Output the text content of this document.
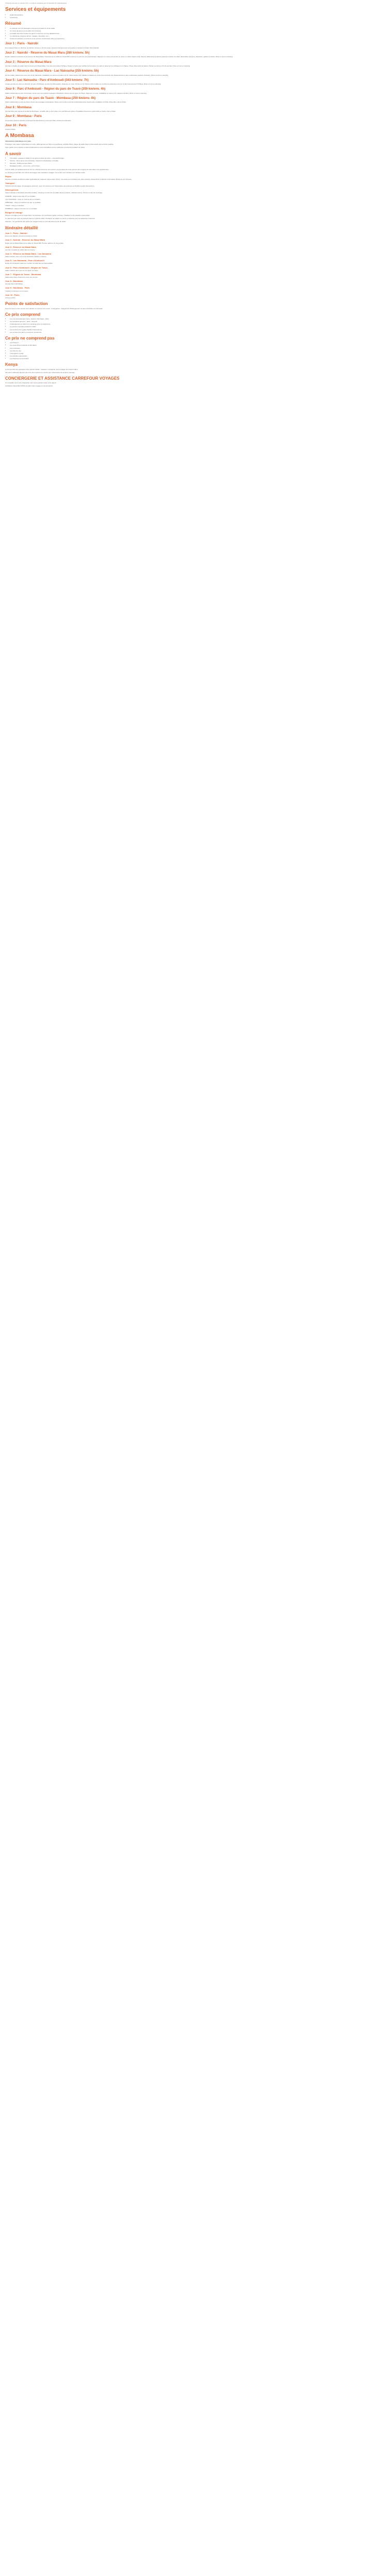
Circuit de 13 jours en camion 4x4 + 3 nuits en camping pour l'ensemble 21 nuits/camping.
Services et équipements
• Guide francophone
• Cuisinier(e)
Résumé
• Le véhicule 4x4 (13 passagers maximum) pendant le circuit safari.
• Un camp de tente lors du safari (2 à 3 tentes).
• La totalité des frais d'entrée de parcs et réserves pour les déplacements.
• Le matériel de camping (tentes, matelas, ustensiles, etc.).
• Toutes les activités / excursions et les entrées mentionnées dans le programme.
Jour 1 : Paris - Nairobi

Envol depuis Paris en direction de Nairobi. Arrivée en fin de soirée, accueil à l'aéroport par votre guide et transfert à l'hôtel. Nuit à Nairobi.

Jour 2 : Nairobi - Réserve du Masai Mara (280 km/env. 5h)

Départ matinal en direction de la réserve du Masai Mara. Traversée de la vallée du Grand Rift et arrêt à un point de vue panoramique. Déjeuner en route puis arrivée au camp en milieu d'après-midi. Premier safari dans la réserve jusqu'au coucher du soleil, observation des lions, éléphants, girafes et zèbres. Dîner et nuit en camping.

Jour 3 : Réserve du Masai Mara

Journée complète de safari dans la réserve du Masai Mara, l'une des plus belles d'Afrique. Départ à l'aube pour profiter de la lumière du matin et observer les prédateurs en chasse. Pique-nique dans la savane. Retour au camp en fin de journée. Dîner et nuit en camping.

Jour 4 : Réserve du Masai Mara - Lac Naivasha (255 km/env. 5h)

Dernier safari matinal puis route vers le lac Naivasha. Installation au camp en bordure du lac. Dans l'après-midi, balade en bateau sur le lac à la rencontre des hippopotames et des nombreuses espèces d'oiseaux. Dîner et nuit en camping.

Jour 5 : Lac Naivasha - Parc d'Amboseli (343 km/env. 7h)

Longue journée de route en direction du parc d'Amboseli, au pied du Kilimandjaro. Déjeuner en route. Arrivée en fin d'après-midi et safari au coucher du soleil avec vue sur le plus haut sommet d'Afrique. Dîner et nuit en camping.

Jour 6 : Parc d'Amboseli - Région du parc de Tsavo (200 km/env. 4h)

Safari matinal dans le parc d'Amboseli, réputé pour ses grands troupeaux d'éléphants. Route vers la région de Tsavo, déjeuner en route. Installation au camp et fin d'après-midi libre. Dîner et nuit en camping.

Jour 7 : Région du parc de Tsavo - Mombasa (250 km/env. 4h)

Safari matinal dans le parc de Tsavo Ouest, aux paysages volcaniques. Route vers la côte et arrivée à Mombasa dans l'après-midi. Installation à l'hôtel. Dîner libre. Nuit à l'hôtel.

Jour 8 : Mombasa

Journée libre pour découvrir la ville de Mombasa : la vieille ville, le Fort Jesus, les marchés aux épices. Possibilité d'excursion optionnelle en boutre. Nuit à l'hôtel.

Jour 9 : Mombasa - Paris

Temps libre jusqu'au transfert à l'aéroport de Mombasa et envol vers Paris. Arrivée le lendemain.

Jour 10 : Paris

Arrivée à Paris.

A Mombasa

Informations à Mombasa et à Lamu

Prolongez votre séjour à Mombasa ou Lamu. Hébergement en hôtel ou guesthouse, activités libres, plages de sable blanc et découverte de la culture swahilie.

Votre guide vous remettra un carnet d'adresses et vous conseillera sur les meilleures excursions à réaliser sur place.

A savoir
• Formalités : passeport valide 6 mois après la date de retour + visa électronique.
• Vaccins : fièvre jaune recommandée, traitement antipaludéen conseillé.
• Monnaie : shilling kényan (KES).
• Décalage horaire : +1h en été, +2h en hiver.

Lors du safari, les déplacements se font en véhicule 4x4 avec toit ouvrant. Les journées de route peuvent être longues sur des pistes non goudronnées.

Le camping se fait dans des camps aménagés avec sanitaires partagés. Les tentes sont montées par l'équipe locale.

Repas

Pension complète pendant le safari (petit-déjeuner, déjeuner pique-nique, dîner). Les repas sont préparés par notre cuisinier. Repas libres à Nairobi et Mombasa. Boissons non incluses.

Transport

Véhicule 4x4 aménagé, 13 passagers maximum, avec toit ouvrant pour l'observation des animaux et chauffeur-guide francophone.

Hébergement

Hôtel à Nairobi et Mombasa (chambre double), camping en tente lors du safari (tentes 2 places, matelas fournis). Prévoir un sac de couchage.

NAIROBI : Hôtel centre-ville (3*) ou similaire

LAC NAIVASHA : Camp en bord de lac ou similaire

AMBOSELI : Camp à l'extérieur du parc ou similaire

TSAVO : Camp ou similaire

MOMBASA : Hôtel en bord de mer ou similaire

Budget et change

Prévoir un budget pour les repas libres, les boissons, les pourboires (guide, cuisinier, chauffeur) et les activités optionnelles.

Le paiement par carte est accepté dans les grandes villes. Privilégier les dollars ou euros en espèces pour les dépenses courantes.

Attention : les pourboires font partie des usages locaux et sont attendus à la fin du safari.

Itinéraire détaillé
Jour 1 : Paris - Nairobi

Envol vers Nairobi. Accueil et transfert à l'hôtel.

Jour 2 : Nairobi - Réserve du Masai Mara

Route vers le Masai Mara via la vallée du Grand Rift. Premier safari en fin de journée.

Jour 3 : Réserve du Masai Mara

Journée complète de safari dans la réserve.

Jour 4 : Réserve du Masai Mara - Lac Naivasha

Safari matinal, route vers le lac Naivasha, balade en bateau.

Jour 5 : Lac Naivasha - Parc d'Amboseli

Route vers Amboseli, safari au coucher du soleil face au Kilimandjaro.

Jour 6 : Parc d'Amboseli - Région de Tsavo

Safari matinal puis route vers la région de Tsavo.

Jour 7 : Région de Tsavo - Mombasa

Safari dans Tsavo Ouest puis route vers la côte.

Jour 8 : Mombasa

Journée libre à Mombasa.

Jour 9 : Mombasa - Paris

Transfert à l'aéroport et vol retour.

Jour 10 : Paris

Arrivée à Paris.

Points de satisfaction

Nous sommes à votre écoute pour adapter ce circuit à vos envies : prolongation, changement d'hébergement ou ajout d'activités sur demande.

Ce prix comprend
• Les vols internationaux Paris - Nairobi / Mombasa - Paris
• Les transferts aéroport - hôtel - aéroport
• L'hébergement en hôtel et en camping selon le programme
• La pension complète pendant le safari
• Les services d'un guide-chauffeur francophone
• Les entrées des parcs et réserves mentionnés
Ce prix ne comprend pas
• Les boissons
• Les repas libres à Nairobi et Mombasa
• Les pourboires
• Les frais de visa
• L'assurance voyage
• Les activités optionnelles
• Les dépenses personnelles
Kenya

Le Kenya offre des paysages d'une grande variété : savanes, montagnes, lacs et plages de l'océan Indien.

Ses parcs nationaux figurent parmi les plus réputés au monde pour l'observation de la faune sauvage.

CONCIERGERIE ET ASSISTANCE CARREFOUR VOYAGES

Un conseiller est à votre disposition pour toute question avant votre départ.

Assistance disponible 24h/24 pendant votre voyage en cas de besoin.
